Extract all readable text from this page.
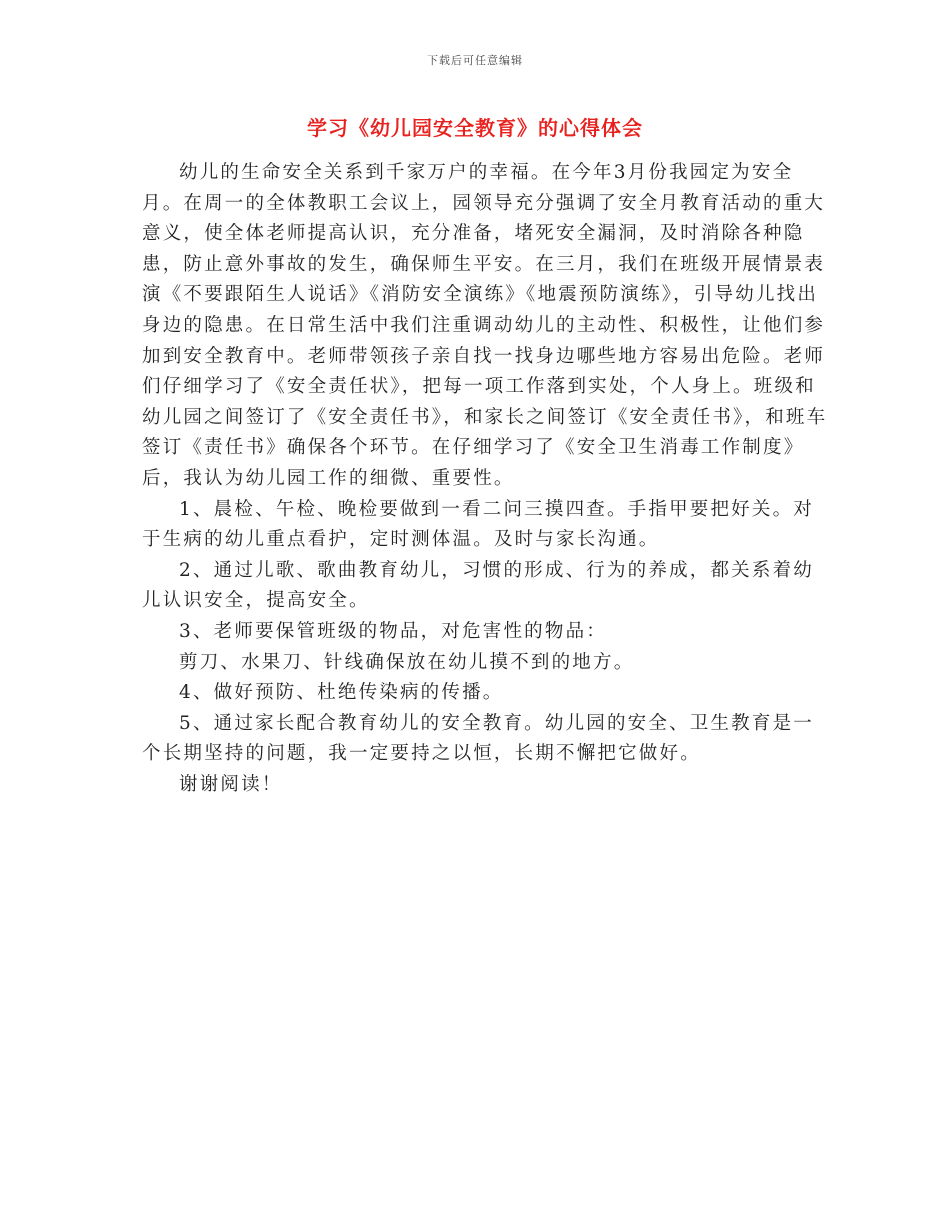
下载后可任意编辑
学习《幼儿园安全教育》的心得体会

幼儿的生命安全关系到千家万户的幸福。在今年3月份我园定为安全月。在周一的全体教职工会议上，园领导充分强调了安全月教育活动的重大意义，使全体老师提高认识，充分准备，堵死安全漏洞，及时消除各种隐患，防止意外事故的发生，确保师生平安。在三月，我们在班级开展情景表演《不要跟陌生人说话》《消防安全演练》《地震预防演练》，引导幼儿找出身边的隐患。在日常生活中我们注重调动幼儿的主动性、积极性，让他们参加到安全教育中。老师带领孩子亲自找一找身边哪些地方容易出危险。老师们仔细学习了《安全责任状》，把每一项工作落到实处，个人身上。班级和幼儿园之间签订了《安全责任书》，和家长之间签订《安全责任书》，和班车签订《责任书》确保各个环节。在仔细学习了《安全卫生消毒工作制度》后，我认为幼儿园工作的细微、重要性。

1、晨检、午检、晚检要做到一看二问三摸四查。手指甲要把好关。对于生病的幼儿重点看护，定时测体温。及时与家长沟通。

2、通过儿歌、歌曲教育幼儿，习惯的形成、行为的养成，都关系着幼儿认识安全，提高安全。

3、老师要保管班级的物品，对危害性的物品：

剪刀、水果刀、针线确保放在幼儿摸不到的地方。

4、做好预防、杜绝传染病的传播。

5、通过家长配合教育幼儿的安全教育。幼儿园的安全、卫生教育是一个长期坚持的问题，我一定要持之以恒，长期不懈把它做好。

谢谢阅读！
